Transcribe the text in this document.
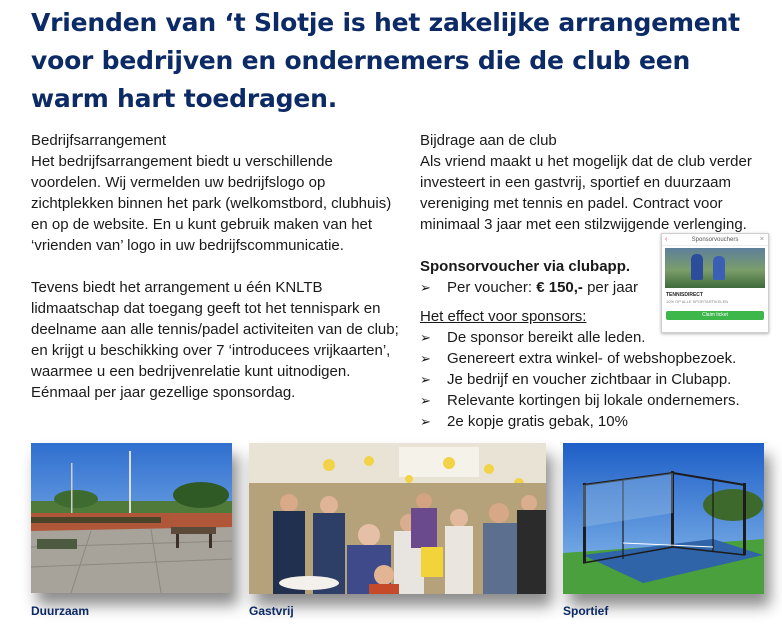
Vrienden van ‘t Slotje is het zakelijke arrangement voor bedrijven en ondernemers die de club een warm hart toedragen.
Bedrijfsarrangement

Het bedrijfsarrangement biedt u verschillende voordelen. Wij vermelden uw bedrijfslogo op zichtplekken binnen het park (welkomstbord, clubhuis) en op de website. En u kunt gebruik maken van het ‘vrienden van’ logo in uw bedrijfscommunicatie.

Tevens biedt het arrangement u één KNLTB lidmaatschap dat toegang geeft tot het tennispark en deelname aan alle tennis/padel activiteiten van de club; en krijgt u beschikking over 7 ‘introducees vrijkaarten’, waarmee u een bedrijvenrelatie kunt uitnodigen. Eénmaal per jaar gezellige sponsordag.

Bijdrage aan de club

Als vriend maakt u het mogelijk dat de club verder investeert in een gastvrij, sportief en duurzaam vereniging met tennis en padel. Contract voor minimaal 3 jaar met een stilzwijgende verlenging.

Sponsorvoucher via clubapp.
➢ Per voucher: € 150,- per jaar
Het effect voor sponsors:
➢ De sponsor bereikt alle leden.
➢ Genereert extra winkel- of webshopbezoek.
➢ Je bedrijf en voucher zichtbaar in Clubapp.
➢ Relevante kortingen bij lokale ondernemers.
➢ 2e kopje gratis gebak, 10%
‹	Sponsorvouchers	×
TENNISDIRECT
10% OP ALLE SPORTARTIKELEN
Claim ticket
Duurzaam	Gastvrij	Sportief
